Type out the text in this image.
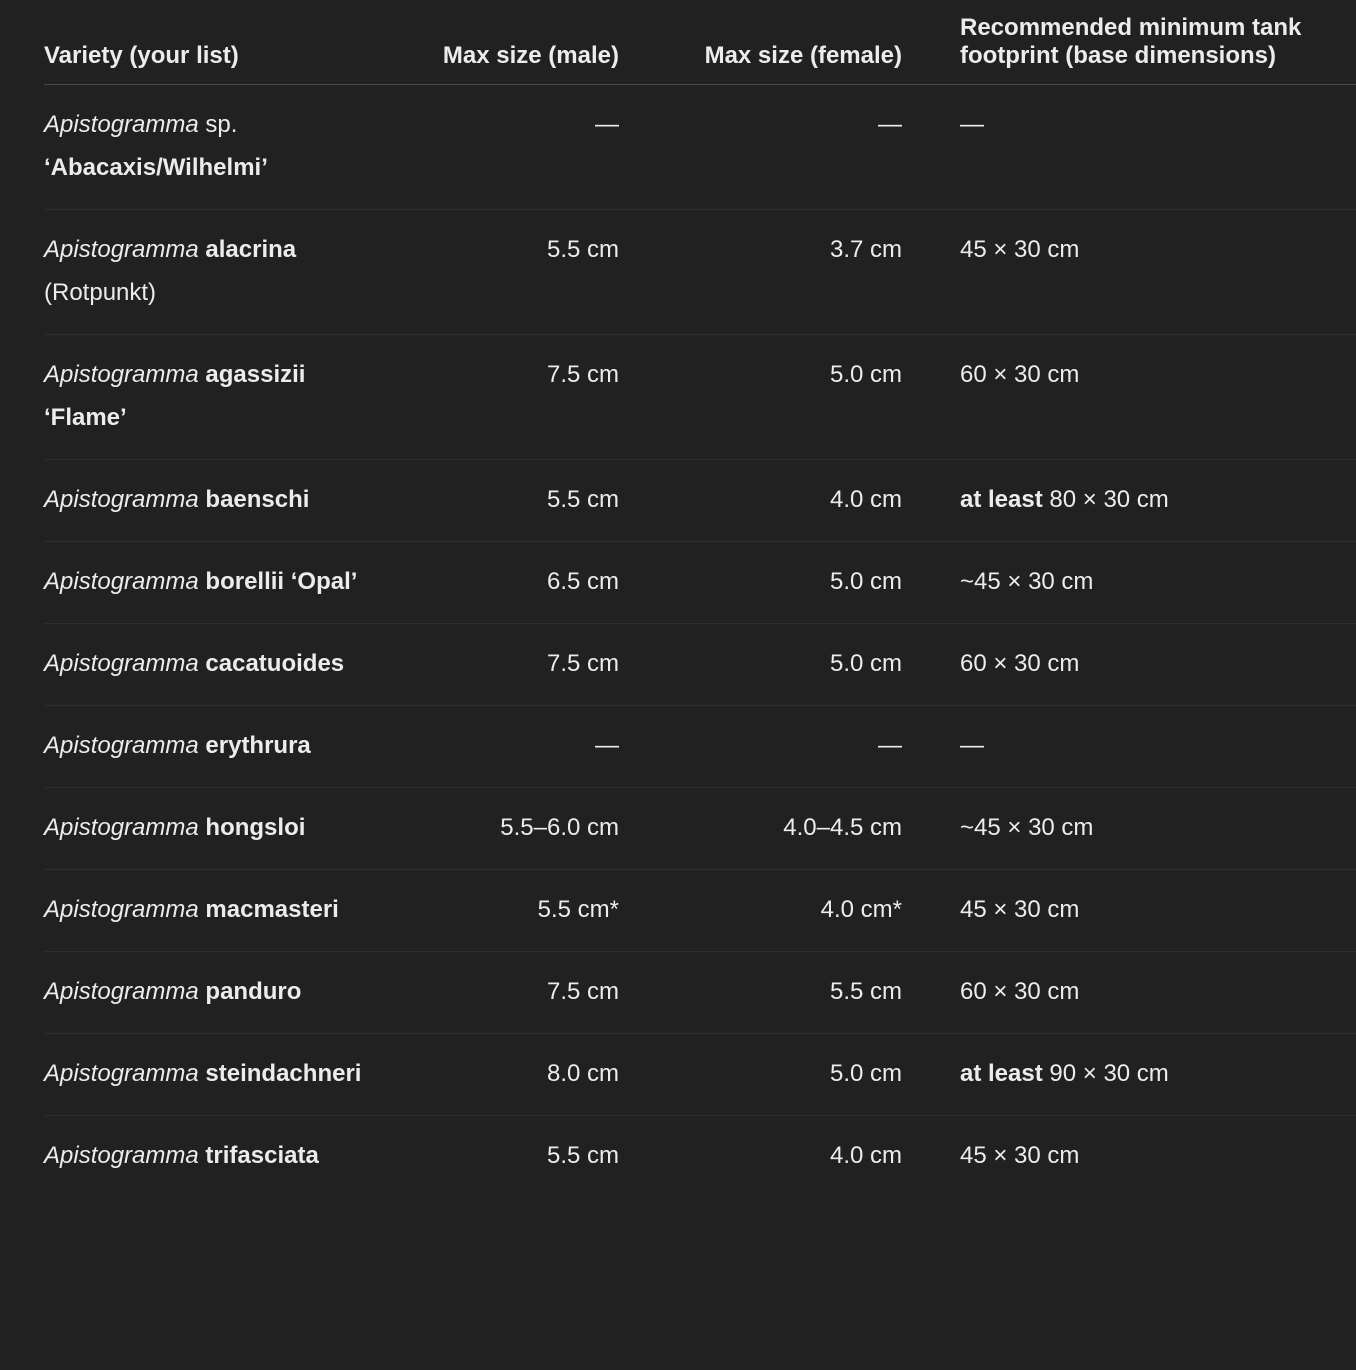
Variety (your list)	Max size (male)	Max size (female)	Recommended minimum tank footprint (base dimensions)
Apistogramma sp. ‘Abacaxis/Wilhelmi’	—	—	—
Apistogramma alacrina (Rotpunkt)	5.5 cm	3.7 cm	45 × 30 cm
Apistogramma agassizii ‘Flame’	7.5 cm	5.0 cm	60 × 30 cm
Apistogramma baenschi	5.5 cm	4.0 cm	at least 80 × 30 cm
Apistogramma borellii ‘Opal’	6.5 cm	5.0 cm	~45 × 30 cm
Apistogramma cacatuoides	7.5 cm	5.0 cm	60 × 30 cm
Apistogramma erythrura	—	—	—
Apistogramma hongsloi	5.5–6.0 cm	4.0–4.5 cm	~45 × 30 cm
Apistogramma macmasteri	5.5 cm*	4.0 cm*	45 × 30 cm
Apistogramma panduro	7.5 cm	5.5 cm	60 × 30 cm
Apistogramma steindachneri	8.0 cm	5.0 cm	at least 90 × 30 cm
Apistogramma trifasciata	5.5 cm	4.0 cm	45 × 30 cm
